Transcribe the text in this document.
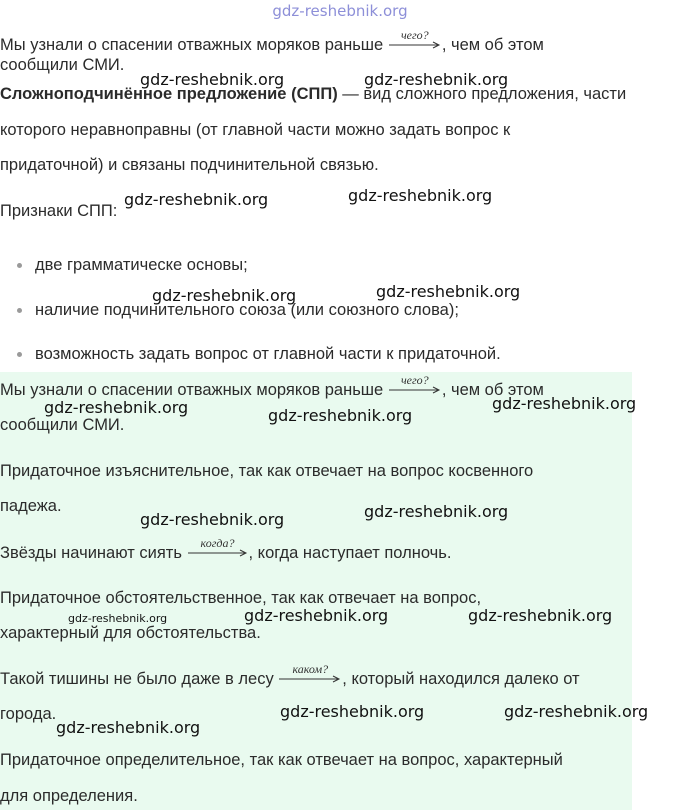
gdz-reshebnik.org
Мы узнали о спасении отважных моряков раньше
чего?
, чем об этом
сообщили СМИ.
Сложноподчинённое предложение (СПП) — вид сложного предложения, части
которого неравноправны (от главной части можно задать вопрос к
придаточной) и связаны подчинительной связью.
Признаки СПП:
две грамматическе основы;
наличие подчинительного союза (или союзного слова);
возможность задать вопрос от главной части к придаточной.
Мы узнали о спасении отважных моряков раньше
чего?
, чем об этом
сообщили СМИ.
Придаточное изъяснительное, так как отвечает на вопрос косвенного
падежа.
Звёзды начинают сиять
когда?
, когда наступает полночь.
Придаточное обстоятельственное, так как отвечает на вопрос,
характерный для обстоятельства.
Такой тишины не было даже в лесу
каком?
, который находился далеко от
города.
Придаточное определительное, так как отвечает на вопрос, характерный
для определения.
gdz-reshebnik.org	gdz-reshebnik.org
gdz-reshebnik.org	gdz-reshebnik.org
gdz-reshebnik.org	gdz-reshebnik.org
gdz-reshebnik.org	gdz-reshebnik.org
gdz-reshebnik.org
gdz-reshebnik.org	gdz-reshebnik.org
gdz-reshebnik.org	gdz-reshebnik.org	gdz-reshebnik.org
gdz-reshebnik.org
gdz-reshebnik.org	gdz-reshebnik.org
